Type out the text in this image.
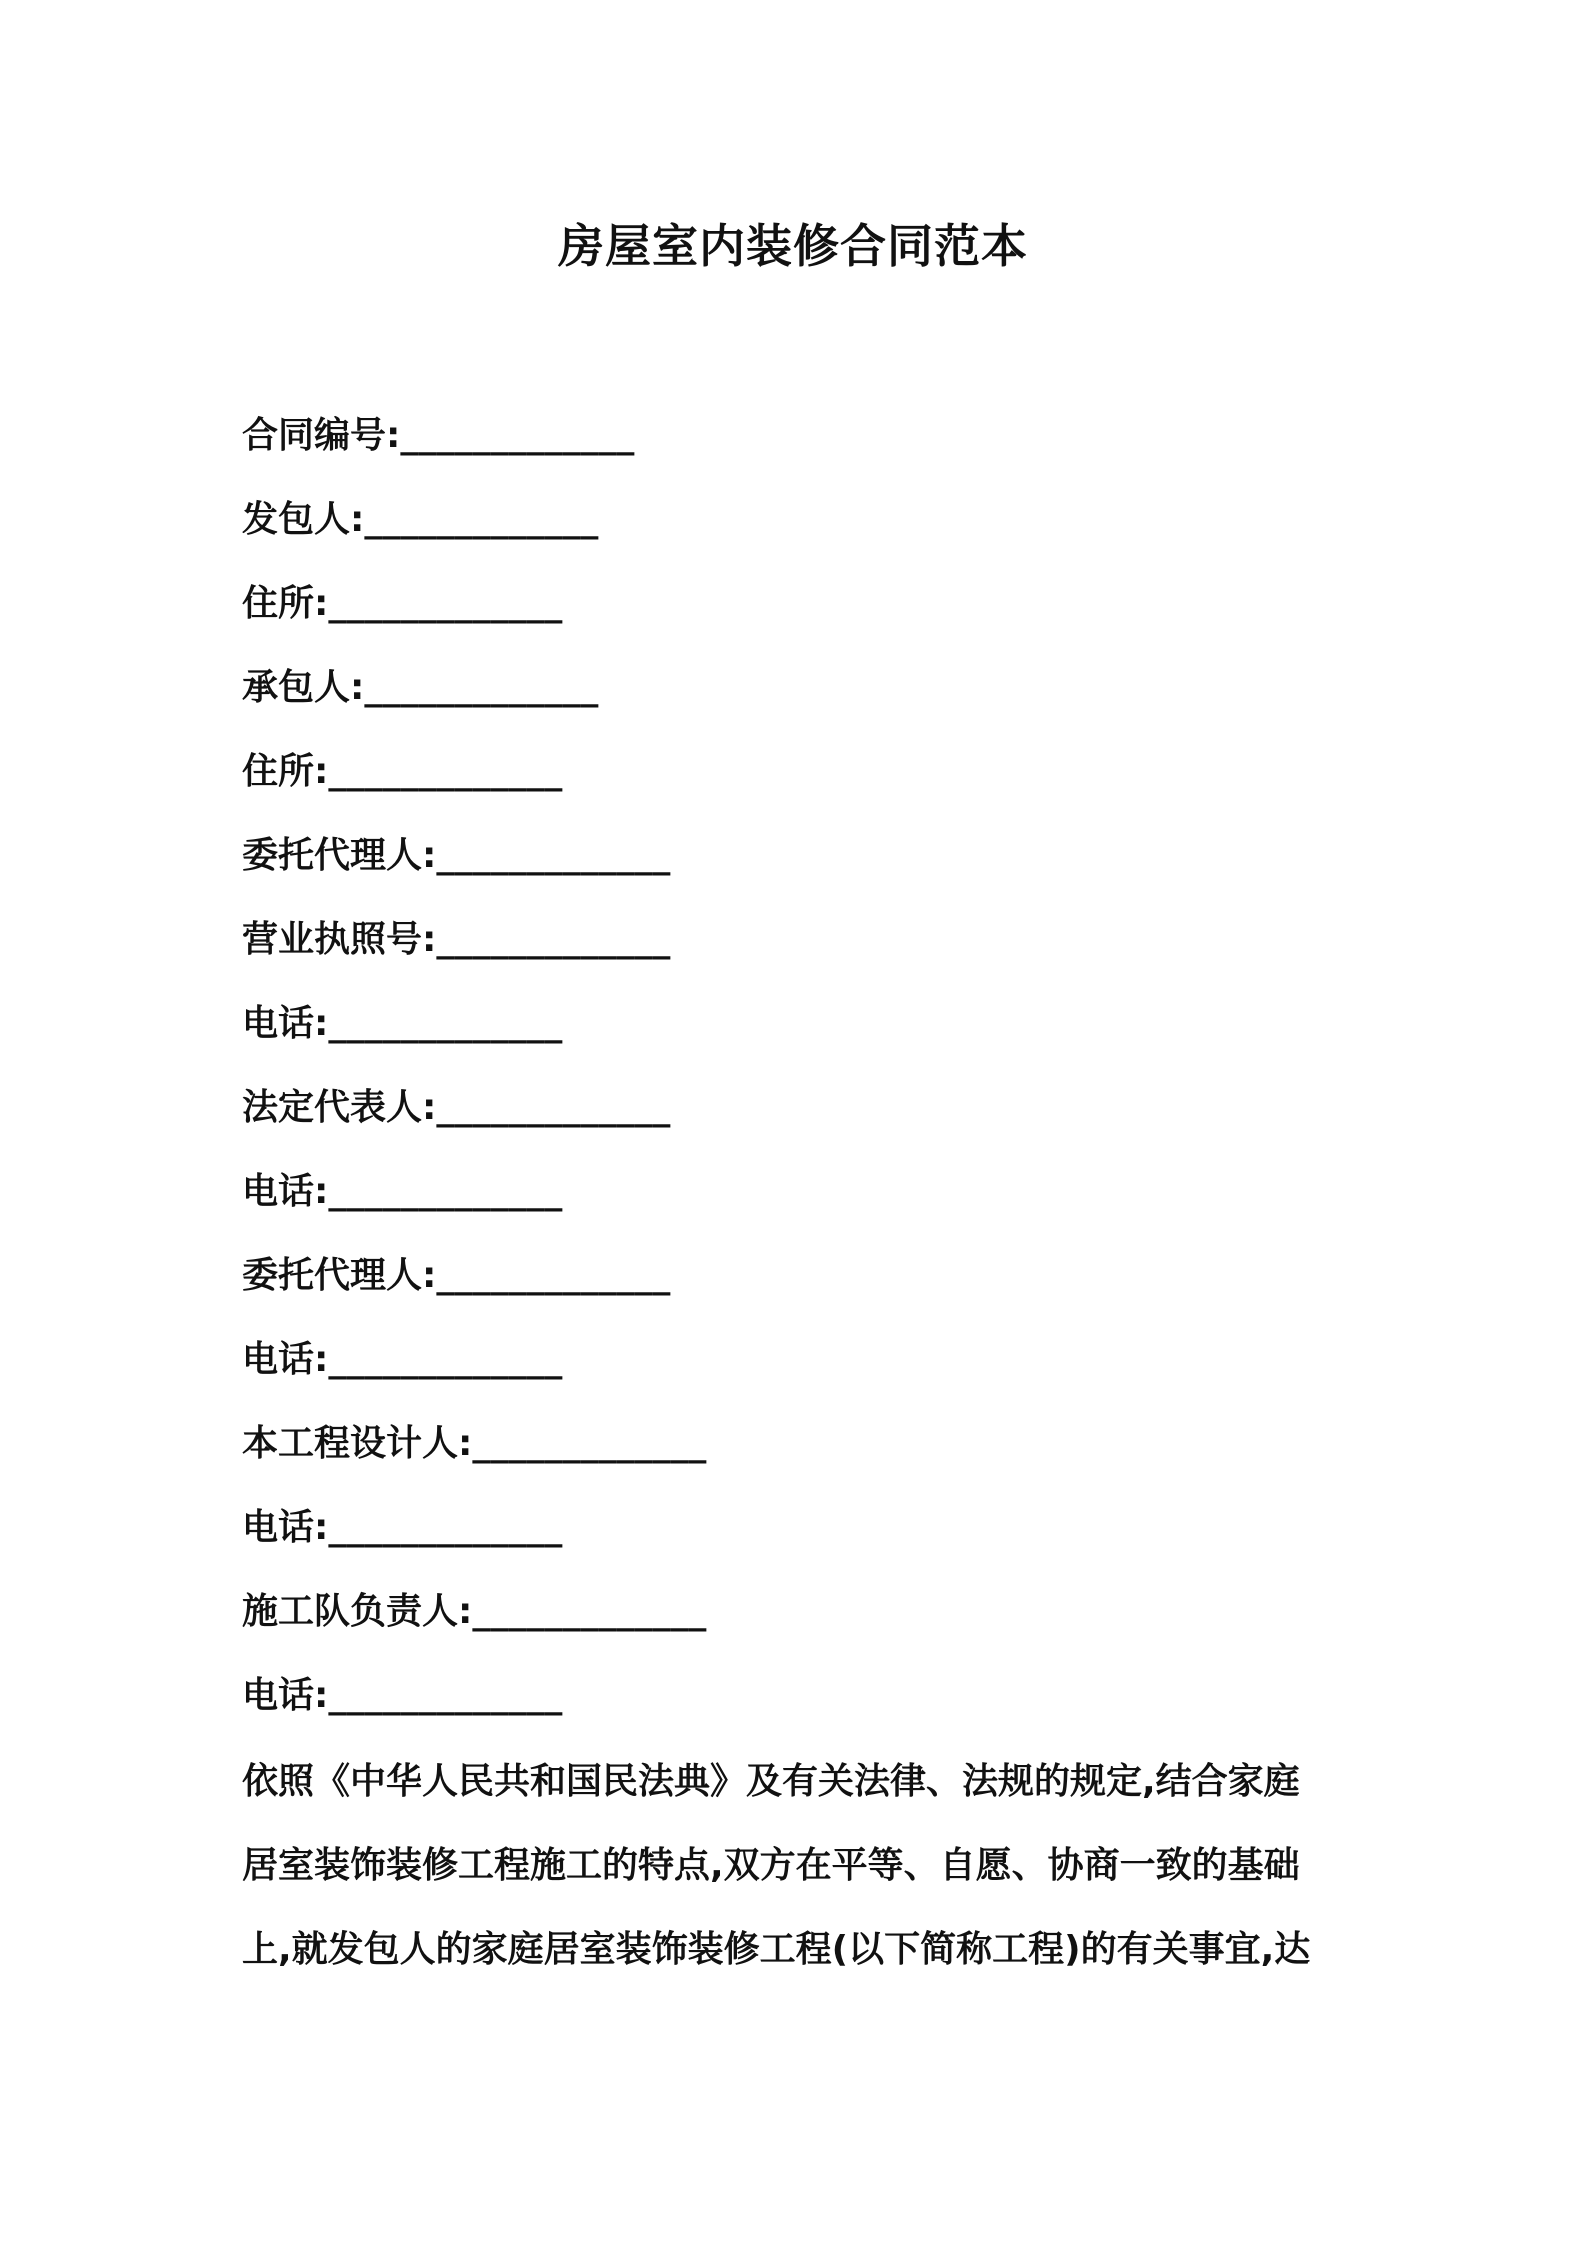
房屋室内装修合同范本
合同编号:_____________
发包人:_____________
住所:_____________
承包人:_____________
住所:_____________
委托代理人:_____________
营业执照号:_____________
电话:_____________
法定代表人:_____________
电话:_____________
委托代理人:_____________
电话:_____________
本工程设计人:_____________
电话:_____________
施工队负责人:_____________
电话:_____________
依照《中华人民共和国民法典》及有关法律、法规的规定,结合家庭
居室装饰装修工程施工的特点,双方在平等、自愿、协商一致的基础
上,就发包人的家庭居室装饰装修工程(以下简称工程)的有关事宜,达
